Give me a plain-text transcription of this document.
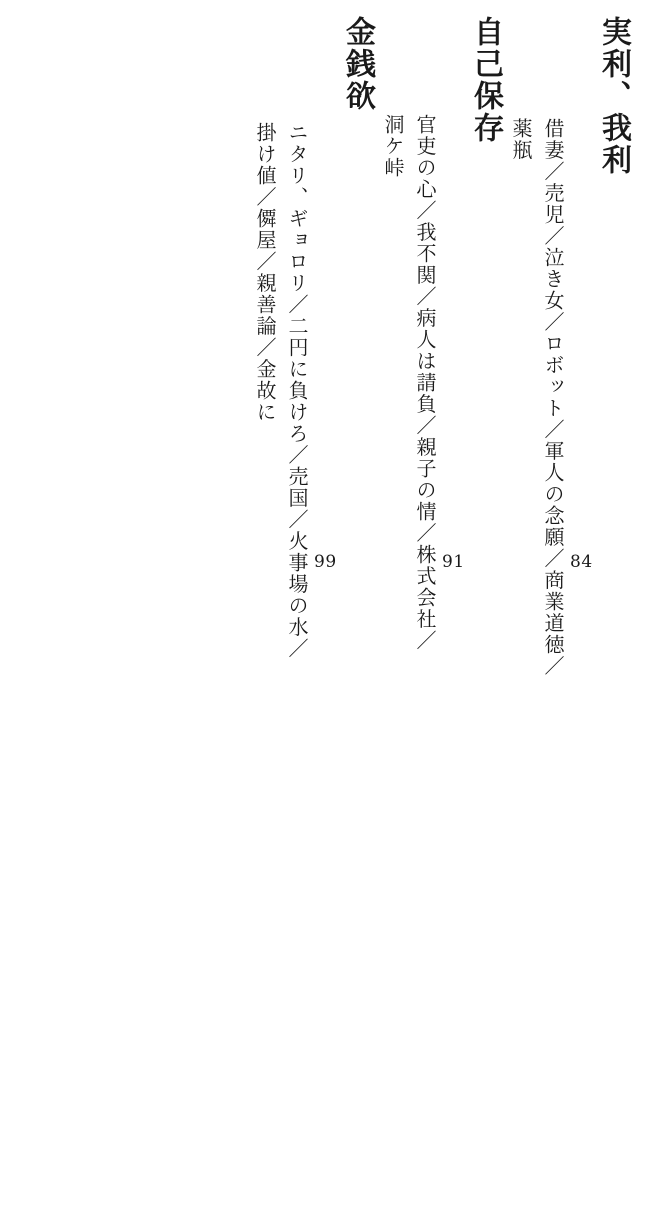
実利、我利
84
借妻／売児／泣き女／ロボット／軍人の念願／商業道徳／
薬瓶
自己保存
91
官吏の心／我不関／病人は請負／親子の情／株式会社／
洞ケ峠
金銭欲
99
ニタリ、ギョロリ／二円に負けろ／売国／火事場の水／
掛け値／僲屋／親善論／金故に
